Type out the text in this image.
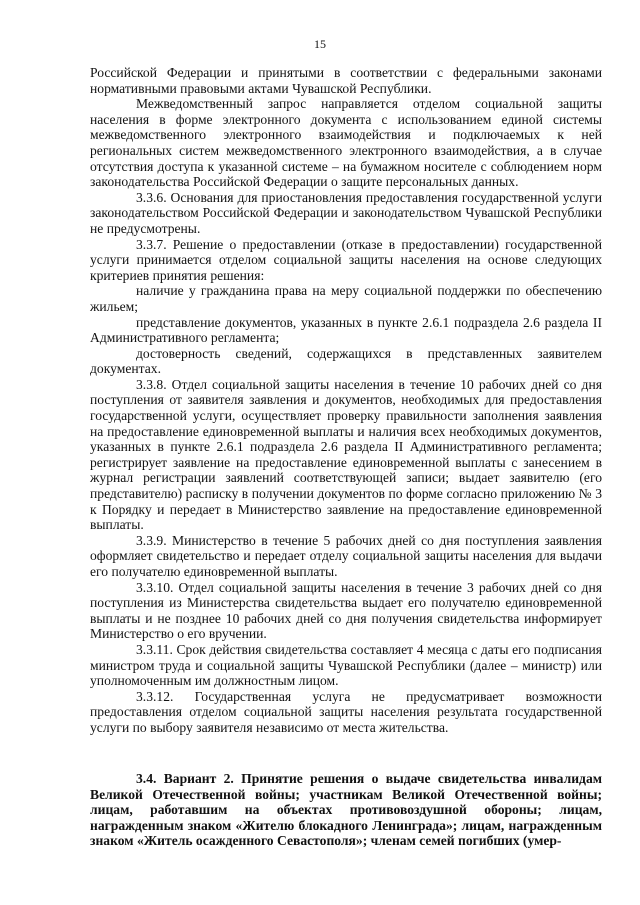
15

Российской Федерации и принятыми в соответствии с федеральными законами нормативными правовыми актами Чувашской Республики.

Межведомственный запрос направляется отделом социальной защиты населения в форме электронного документа с использованием единой системы межведомственного электронного взаимодействия и подключаемых к ней региональных систем межведомственного электронного взаимодействия, а в случае отсутствия доступа к указанной системе – на бумажном носителе с соблюдением норм законодательства Российской Федерации о защите персональных данных.

3.3.6. Основания для приостановления предоставления государственной услуги законодательством Российской Федерации и законодательством Чувашской Республики не предусмотрены.

3.3.7. Решение о предоставлении (отказе в предоставлении) государственной услуги принимается отделом социальной защиты населения на основе следующих критериев принятия решения:

наличие у гражданина права на меру социальной поддержки по обеспечению жильем;

представление документов, указанных в пункте 2.6.1 подраздела 2.6 раздела II Административного регламента;

достоверность сведений, содержащихся в представленных заявителем документах.

3.3.8. Отдел социальной защиты населения в течение 10 рабочих дней со дня поступления от заявителя заявления и документов, необходимых для предоставления государственной услуги, осуществляет проверку правильности заполнения заявления на предоставление единовременной выплаты и наличия всех необходимых документов, указанных в пункте 2.6.1 подраздела 2.6 раздела II Административного регламента; регистрирует заявление на предоставление единовременной выплаты с занесением в журнал регистрации заявлений соответствующей записи; выдает заявителю (его представителю) расписку в получении документов по форме согласно приложению № 3 к Порядку и передает в Министерство заявление на предоставление единовременной выплаты.

3.3.9. Министерство в течение 5 рабочих дней со дня поступления заявления оформляет свидетельство и передает отделу социальной защиты населения для выдачи его получателю единовременной выплаты.

3.3.10. Отдел социальной защиты населения в течение 3 рабочих дней со дня поступления из Министерства свидетельства выдает его получателю единовременной выплаты и не позднее 10 рабочих дней со дня получения свидетельства информирует Министерство о его вручении.

3.3.11. Срок действия свидетельства составляет 4 месяца с даты его подписания министром труда и социальной защиты Чувашской Республики (далее – министр) или уполномоченным им должностным лицом.

3.3.12. Государственная услуга не предусматривает возможности предоставления отделом социальной защиты населения результата государственной услуги по выбору заявителя независимо от места жительства.

3.4. Вариант 2. Принятие решения о выдаче свидетельства инвалидам Великой Отечественной войны; участникам Великой Отечественной войны; лицам, работавшим на объектах противовоздушной обороны; лицам, награжденным знаком «Жителю блокадного Ленинграда»; лицам, награжденным знаком «Житель осажденного Севастополя»; членам семей погибших (умер-
